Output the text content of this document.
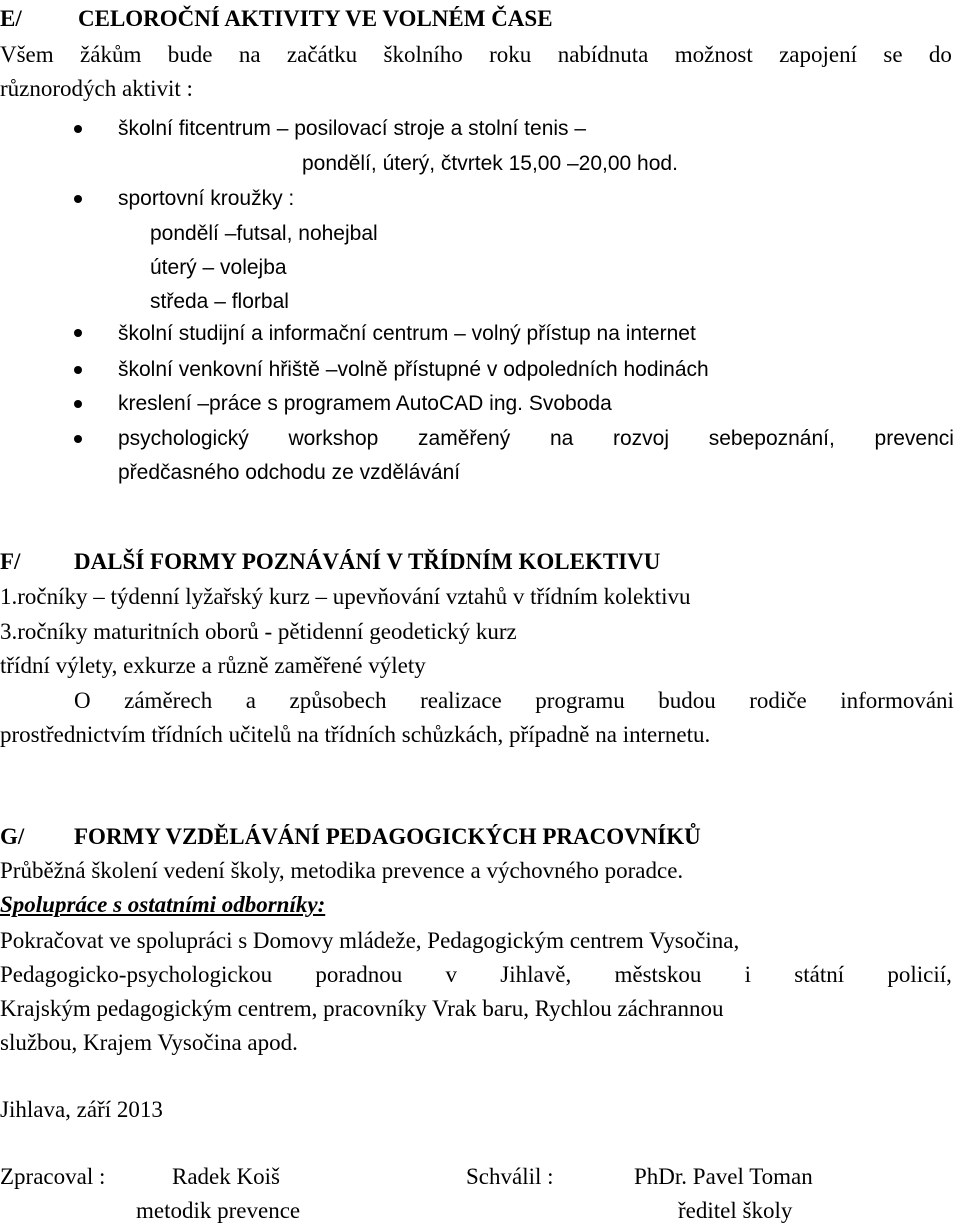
E/ CELOROČNÍ AKTIVITY VE VOLNÉM ČASE
Všem žákům bude na začátku školního roku nabídnuta možnost zapojení se do
různorodých aktivit :
školní fitcentrum – posilovací stroje a stolní tenis –
pondělí, úterý, čtvrtek 15,00 –20,00 hod.
sportovní kroužky :
pondělí –futsal, nohejbal
úterý – volejba
středa – florbal
školní studijní a informační centrum – volný přístup na internet
školní venkovní hřiště –volně přístupné v odpoledních hodinách
kreslení –práce s programem AutoCAD ing. Svoboda
psychologický workshop zaměřený na rozvoj sebepoznání, prevenci
předčasného odchodu ze vzdělávání
F/ DALŠÍ FORMY POZNÁVÁNÍ V TŘÍDNÍM KOLEKTIVU
1.ročníky – týdenní lyžařský kurz – upevňování vztahů v třídním kolektivu
3.ročníky maturitních oborů - pětidenní geodetický kurz
třídní výlety, exkurze a různě zaměřené výlety
O záměrech a způsobech realizace programu budou rodiče informováni
prostřednictvím třídních učitelů na třídních schůzkách, případně na internetu.
G/ FORMY VZDĚLÁVÁNÍ PEDAGOGICKÝCH PRACOVNÍKŮ
Průběžná školení vedení školy, metodika prevence a výchovného poradce.
Spolupráce s ostatními odborníky:
Pokračovat ve spolupráci s Domovy mládeže, Pedagogickým centrem Vysočina,
Pedagogicko-psychologickou poradnou v Jihlavě, městskou i státní policií,
Krajským pedagogickým centrem, pracovníky Vrak baru, Rychlou záchrannou
službou, Krajem Vysočina apod.
Jihlava, září 2013
Zpracoval :	Radek Koiš	Schválil :	PhDr. Pavel Toman
metodik prevence	ředitel školy
